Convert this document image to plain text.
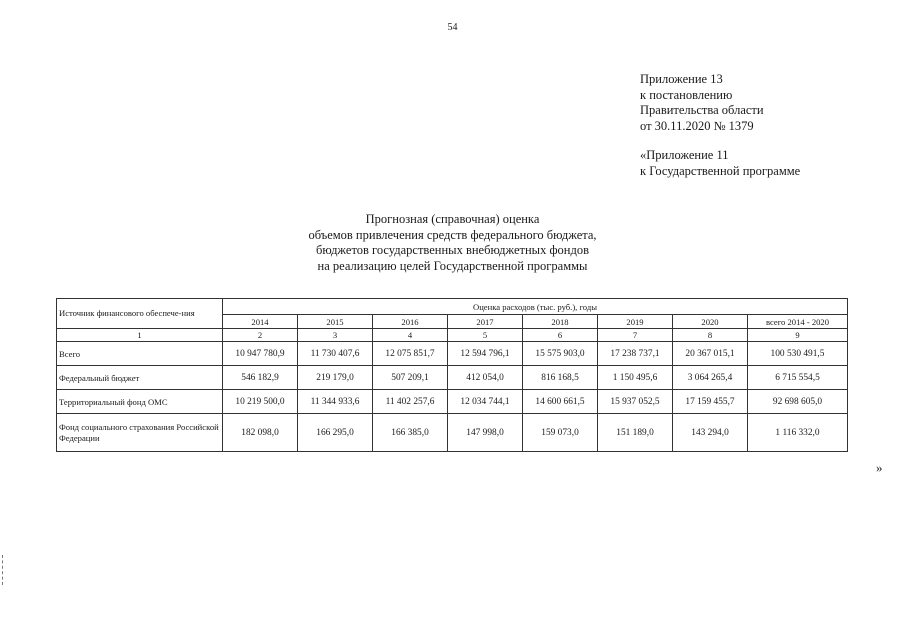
54
Приложение 13
к постановлению
Правительства области
от 30.11.2020 № 1379
«Приложение 11
к Государственной программе
Прогнозная (справочная) оценка
объемов привлечения средств федерального бюджета,
бюджетов государственных внебюджетных фондов
на реализацию целей Государственной программы
Источник финансового обеспече-ния	Оценка расходов (тыс. руб.), годы							
	2014	2015	2016	2017	2018	2019	2020	всего 2014 - 2020
1	2	3	4	5	6	7	8	9
Всего	10 947 780,9	11 730 407,6	12 075 851,7	12 594 796,1	15 575 903,0	17 238 737,1	20 367 015,1	100 530 491,5
Федеральный бюджет	546 182,9	219 179,0	507 209,1	412 054,0	816 168,5	1 150 495,6	3 064 265,4	6 715 554,5
Территориальный фонд ОМС	10 219 500,0	11 344 933,6	11 402 257,6	12 034 744,1	14 600 661,5	15 937 052,5	17 159 455,7	92 698 605,0
Фонд социального страхования Российской Федерации	182 098,0	166 295,0	166 385,0	147 998,0	159 073,0	151 189,0	143 294,0	1 116 332,0
»
